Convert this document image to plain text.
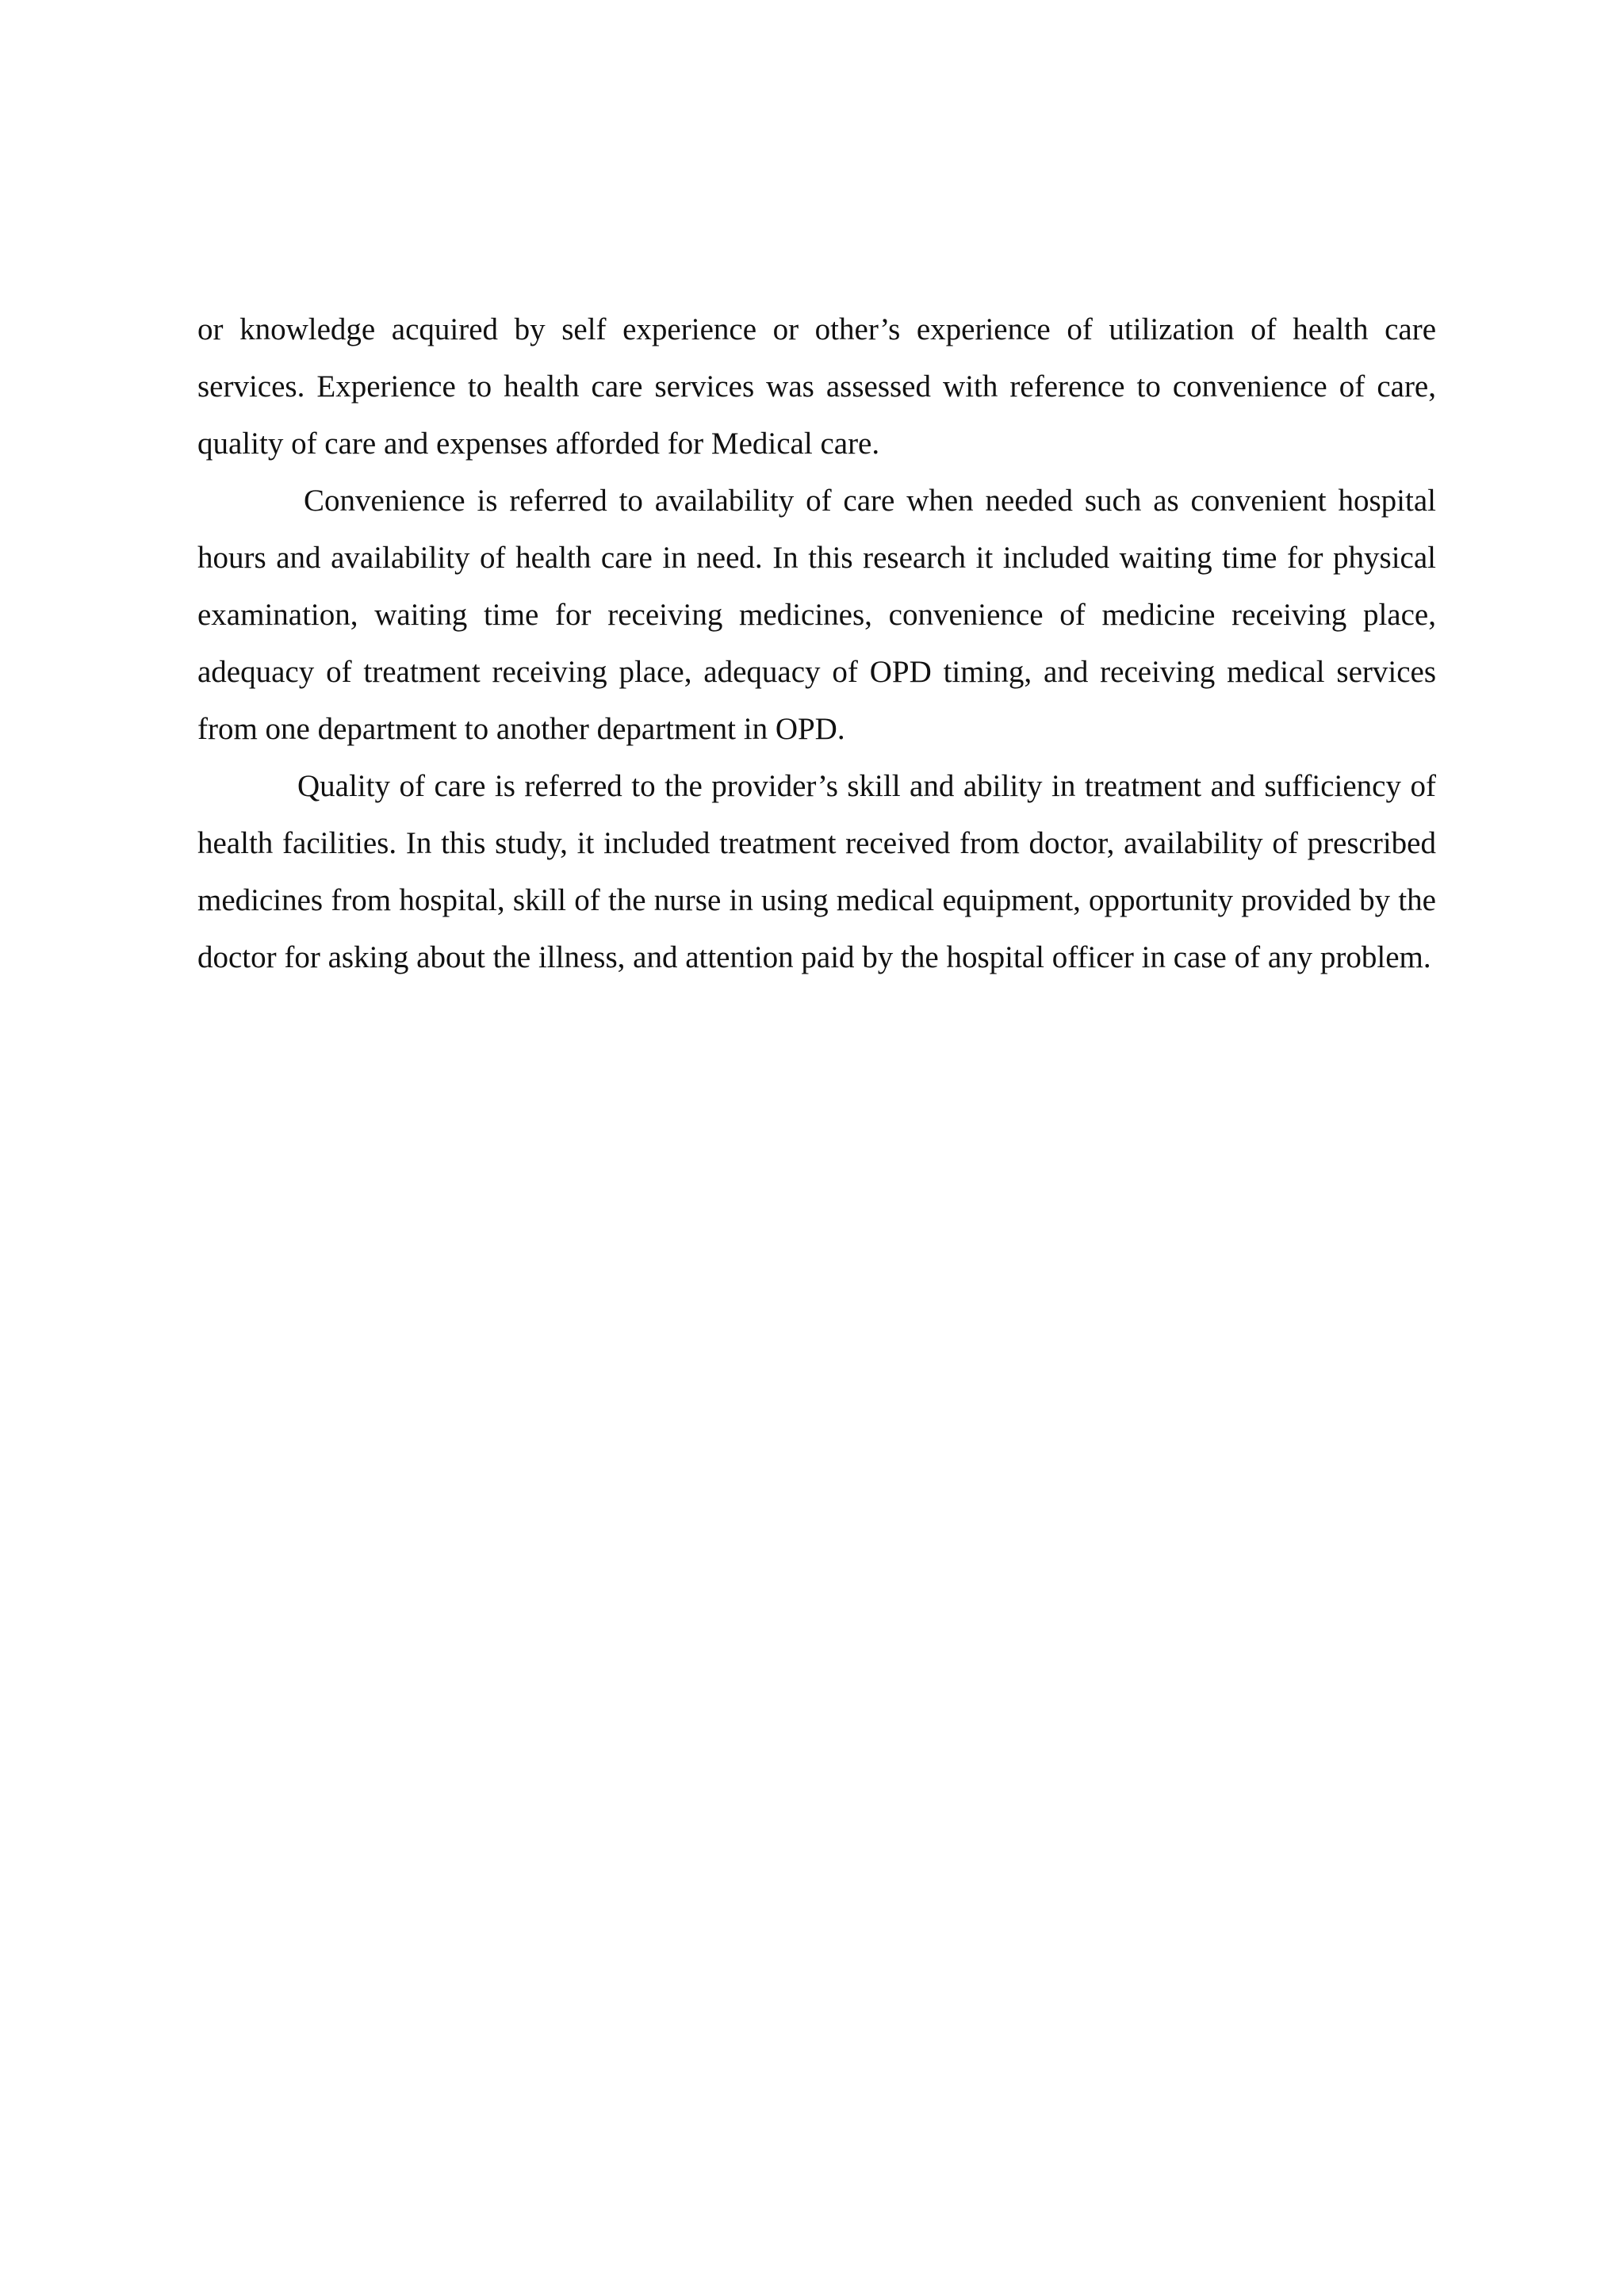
or knowledge acquired by self experience or other’s experience of utilization of health care services. Experience to health care services was assessed with reference to convenience of care, quality of care and expenses afforded for Medical care.

Convenience is referred to availability of care when needed such as convenient hospital hours and availability of health care in need. In this research it included waiting time for physical examination, waiting time for receiving medicines, convenience of medicine receiving place, adequacy of treatment receiving place, adequacy of OPD timing, and receiving medical services from one department to another department in OPD.

Quality of care is referred to the provider’s skill and ability in treatment and sufficiency of health facilities. In this study, it included treatment received from doctor, availability of prescribed medicines from hospital, skill of the nurse in using medical equipment, opportunity provided by the doctor for asking about the illness, and attention paid by the hospital officer in case of any problem.
